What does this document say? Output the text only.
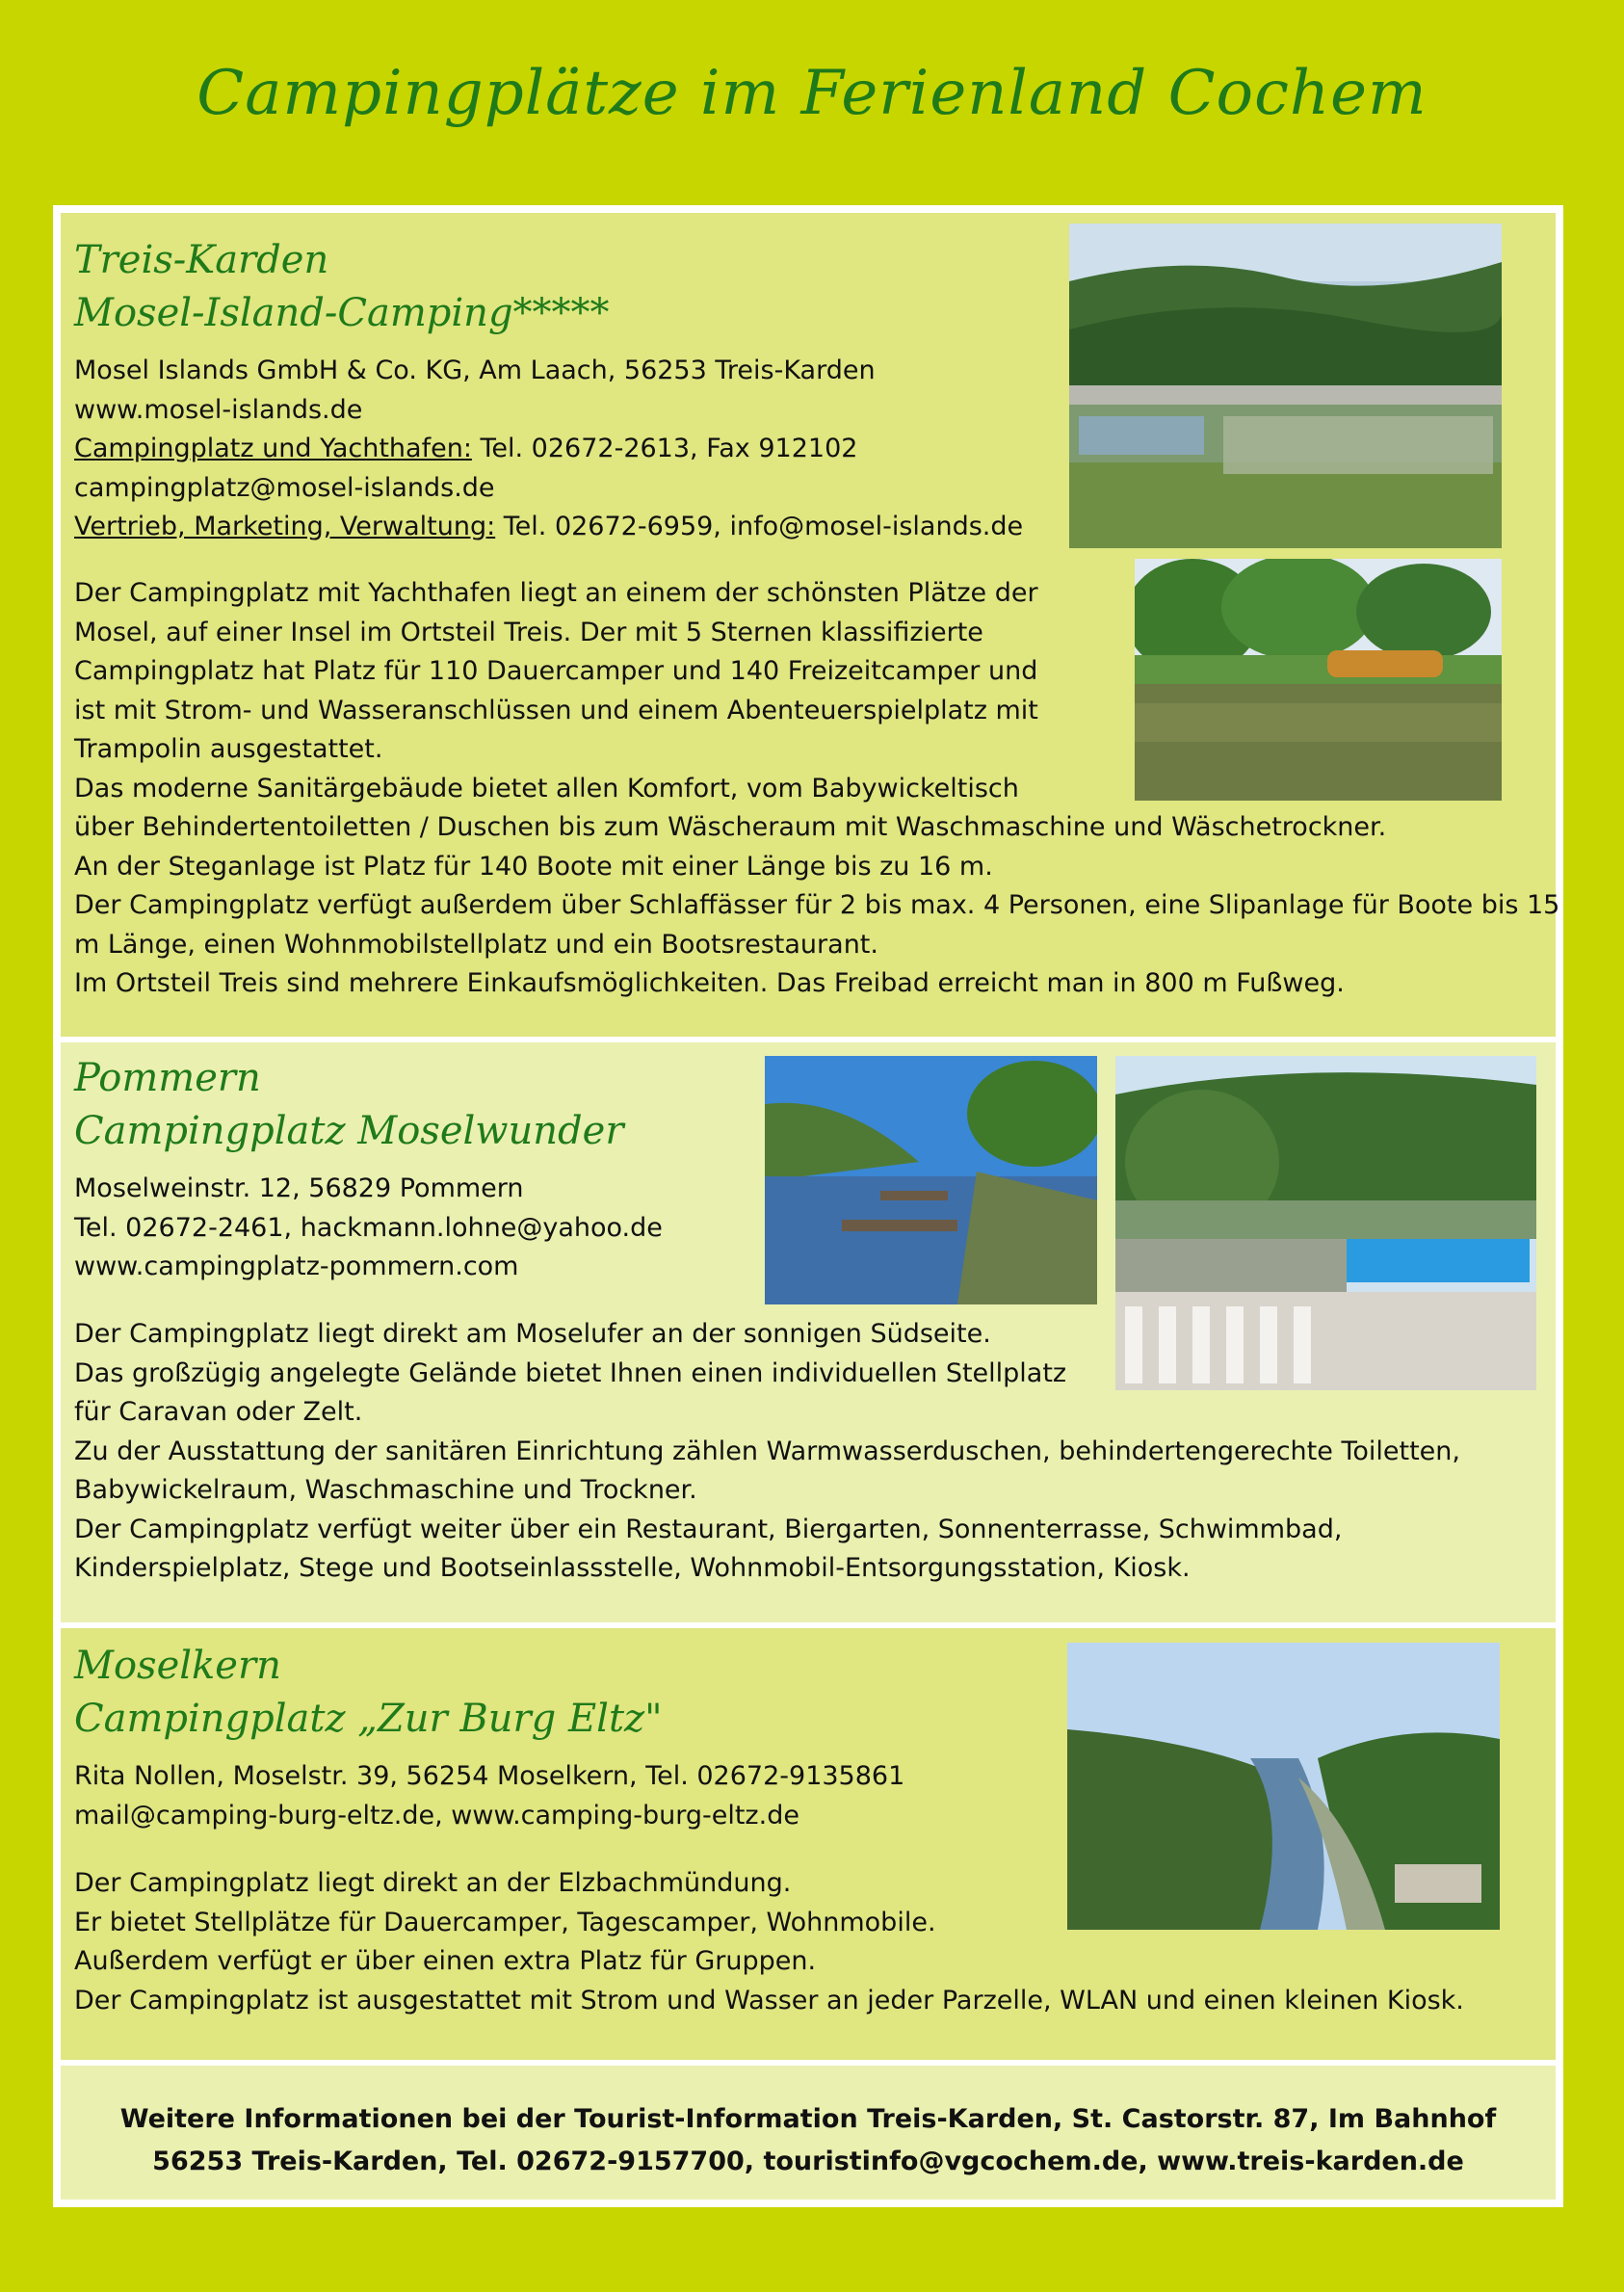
Campingplätze im Ferienland Cochem
Treis-Karden
Mosel-Island-Camping*****
Mosel Islands GmbH & Co. KG, Am Laach, 56253 Treis-Karden
www.mosel-islands.de
Campingplatz und Yachthafen: Tel. 02672-2613, Fax 912102
campingplatz@mosel-islands.de
Vertrieb, Marketing, Verwaltung: Tel. 02672-6959, info@mosel-islands.de
Der Campingplatz mit Yachthafen liegt an einem der schönsten Plätze der
Mosel, auf einer Insel im Ortsteil Treis. Der mit 5 Sternen klassifizierte
Campingplatz hat Platz für 110 Dauercamper und 140 Freizeitcamper und
ist mit Strom- und Wasseranschlüssen und einem Abenteuerspielplatz mit
Trampolin ausgestattet.
Das moderne Sanitärgebäude bietet allen Komfort, vom Babywickeltisch
über Behindertentoiletten / Duschen bis zum Wäscheraum mit Waschmaschine und Wäschetrockner.
An der Steganlage ist Platz für 140 Boote mit einer Länge bis zu 16 m.
Der Campingplatz verfügt außerdem über Schlaffässer für 2 bis max. 4 Personen, eine Slipanlage für Boote bis 15
m Länge, einen Wohnmobilstellplatz und ein Bootsrestaurant.
Im Ortsteil Treis sind mehrere Einkaufsmöglichkeiten. Das Freibad erreicht man in 800 m Fußweg.
Pommern
Campingplatz Moselwunder
Moselweinstr. 12, 56829 Pommern
Tel. 02672-2461, hackmann.lohne@yahoo.de
www.campingplatz-pommern.com
Der Campingplatz liegt direkt am Moselufer an der sonnigen Südseite.
Das großzügig angelegte Gelände bietet Ihnen einen individuellen Stellplatz
für Caravan oder Zelt.
Zu der Ausstattung der sanitären Einrichtung zählen Warmwasserduschen, behindertengerechte Toiletten,
Babywickelraum, Waschmaschine und Trockner.
Der Campingplatz verfügt weiter über ein Restaurant, Biergarten, Sonnenterrasse, Schwimmbad,
Kinderspielplatz, Stege und Bootseinlassstelle, Wohnmobil-Entsorgungsstation, Kiosk.
Moselkern
Campingplatz „Zur Burg Eltz"
Rita Nollen, Moselstr. 39, 56254 Moselkern, Tel. 02672-9135861
mail@camping-burg-eltz.de, www.camping-burg-eltz.de
Der Campingplatz liegt direkt an der Elzbachmündung.
Er bietet Stellplätze für Dauercamper, Tagescamper, Wohnmobile.
Außerdem verfügt er über einen extra Platz für Gruppen.
Der Campingplatz ist ausgestattet mit Strom und Wasser an jeder Parzelle, WLAN und einen kleinen Kiosk.
Weitere Informationen bei der Tourist-Information Treis-Karden, St. Castorstr. 87, Im Bahnhof
56253 Treis-Karden, Tel. 02672-9157700, touristinfo@vgcochem.de, www.treis-karden.de
